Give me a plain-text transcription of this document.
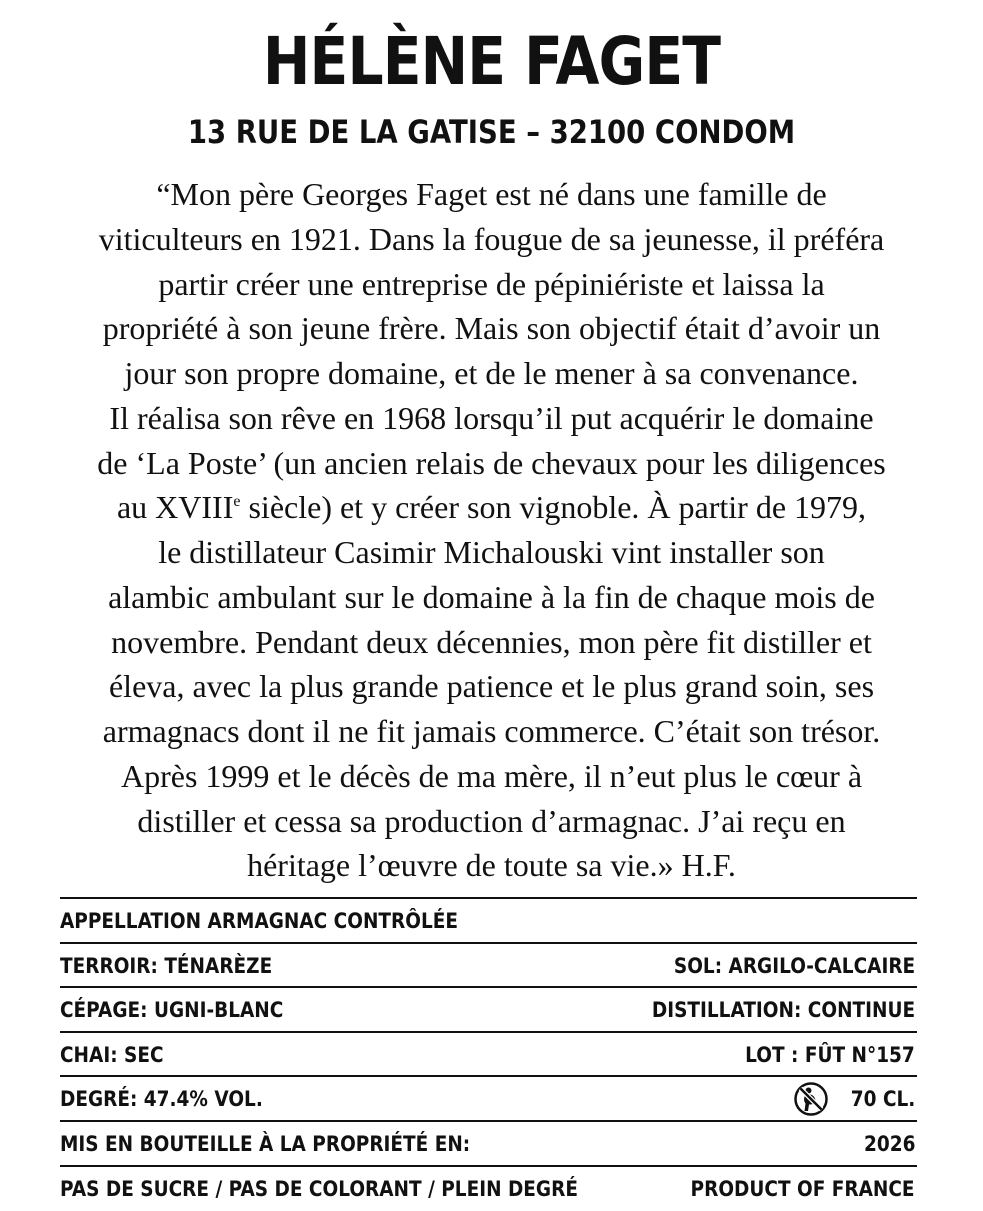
HÉLÈNE FAGET
13 RUE DE LA GATISE – 32100 CONDOM
“Mon père Georges Faget est né dans une famille de
viticulteurs en 1921. Dans la fougue de sa jeunesse, il préféra
partir créer une entreprise de pépiniériste et laissa la
propriété à son jeune frère. Mais son objectif était d’avoir un
jour son propre domaine, et de le mener à sa convenance.
Il réalisa son rêve en 1968 lorsqu’il put acquérir le domaine
de ‘La Poste’ (un ancien relais de chevaux pour les diligences
au XVIIIe siècle) et y créer son vignoble. À partir de 1979,
le distillateur Casimir Michalouski vint installer son
alambic ambulant sur le domaine à la fin de chaque mois de
novembre. Pendant deux décennies, mon père fit distiller et
éleva, avec la plus grande patience et le plus grand soin, ses
armagnacs dont il ne fit jamais commerce. C’était son trésor.
Après 1999 et le décès de ma mère, il n’eut plus le cœur à
distiller et cessa sa production d’armagnac. J’ai reçu en
héritage l’œuvre de toute sa vie.» H.F.
APPELLATION ARMAGNAC CONTRÔLÉE
TERROIR: TÉNARÈZE	SOL: ARGILO-CALCAIRE
CÉPAGE: UGNI-BLANC	DISTILLATION: CONTINUE
CHAI: SEC	LOT : FÛT N°157
DEGRÉ: 47.4% VOL.	70 CL.
MIS EN BOUTEILLE À LA PROPRIÉTÉ EN:	2026
PAS DE SUCRE / PAS DE COLORANT / PLEIN DEGRÉ	PRODUCT OF FRANCE
